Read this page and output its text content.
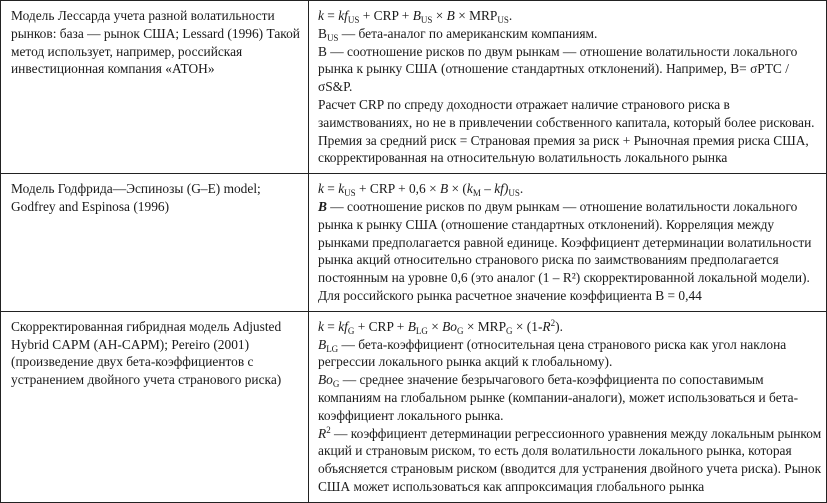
Модель Лессарда учета разной волатильности рынков: база — рынок США; Lessard (1996) Такой метод использует, например, российская инвестиционная компания «АТОН»	$k = kf_{US}$ + CRP + $B_{US} \times B \times MRP_{US}$.
$B_{US}$ — бета-аналог по американским компаниям.
B — соотношение рисков по двум рынкам — отношение волатильности локального рынка к рынку США (отношение стандартных отклонений). Например, B= σPTC / σS&P.
Расчет CRP по спреду доходности отражает наличие странового риска в заимствованиях, но не в привлечении собственного капитала, который более рискован.
Премия за средний риск = Страновая премия за риск + Рыночная премия риска США, скорректированная на относительную волатильность локального рынка

Модель Годфрида—Эспинозы (G–E) model; Godfrey and Espinosa (1996)	$k = k_{US}$ + CRP + $0,6 \times B \times (k_M - kf)_{US}$.
B — соотношение рисков по двум рынкам — отношение волатильности локального рынка к рынку США (отношение стандартных отклонений). Корреляция между рынками предполагается равной единице. Коэффициент детерминации волатильности рынка акций относительно странового риска по заимствованиям предполагается постоянным на уровне 0,6 (это аналог (1 – R²) скорректированной локальной модели).
Для российского рынка расчетное значение коэффициента B = 0,44

Скорректированная гибридная модель Adjusted Hybrid CAPM (AH-CAPM); Pereiro (2001) (произведение двух бета-коэффициентов с устранением двойного учета странового риска)	$k = kf_G$ + CRP + $B_{LG} \times Bo_G \times MRP_G \times (1-R^2)$.
$B_{LG}$ — бета-коэффициент (относительная цена странового риска как угол наклона регрессии локального рынка акций к глобальному).
$Bo_G$ — среднее значение безрычагового бета-коэффициента по сопоставимым компаниям на глобальном рынке (компании-аналоги), может использоваться и бета-коэффициент локального рынка.
$R^2$ — коэффициент детерминации регрессионного уравнения между локальным рынком акций и страновым риском, то есть доля волатильности локального рынка, которая объясняется страновым риском (вводится для устранения двойного учета риска). Рынок США может использоваться как аппроксимация глобального рынка
